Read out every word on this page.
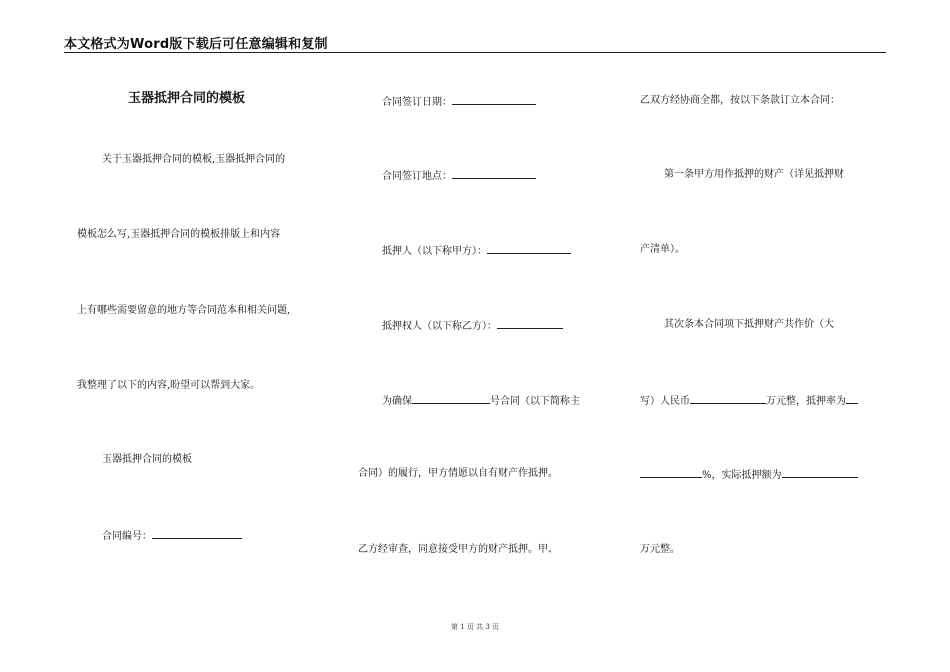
本文格式为Word版下载后可任意编辑和复制
玉器抵押合同的模板
关于玉器抵押合同的模板,玉器抵押合同的
模板怎么写,玉器抵押合同的模板排版上和内容
上有哪些需要留意的地方等合同范本和相关问题,
我整理了以下的内容,盼望可以帮到大家。
玉器抵押合同的模板
合同编号：
合同签订日期：
合同签订地点：
抵押人（以下称甲方）：
抵押权人（以下称乙方）：
为确保	号合同（以下简称主
合同）的履行，甲方情愿以自有财产作抵押。
乙方经审查，同意接受甲方的财产抵押。甲、
乙双方经协商全都，按以下条款订立本合同：
第一条甲方用作抵押的财产（详见抵押财
产清单）。
其次条本合同项下抵押财产共作价（大
写）人民币	万元整，抵押率为
%，实际抵押额为
万元整。
第 1 页 共 3 页
